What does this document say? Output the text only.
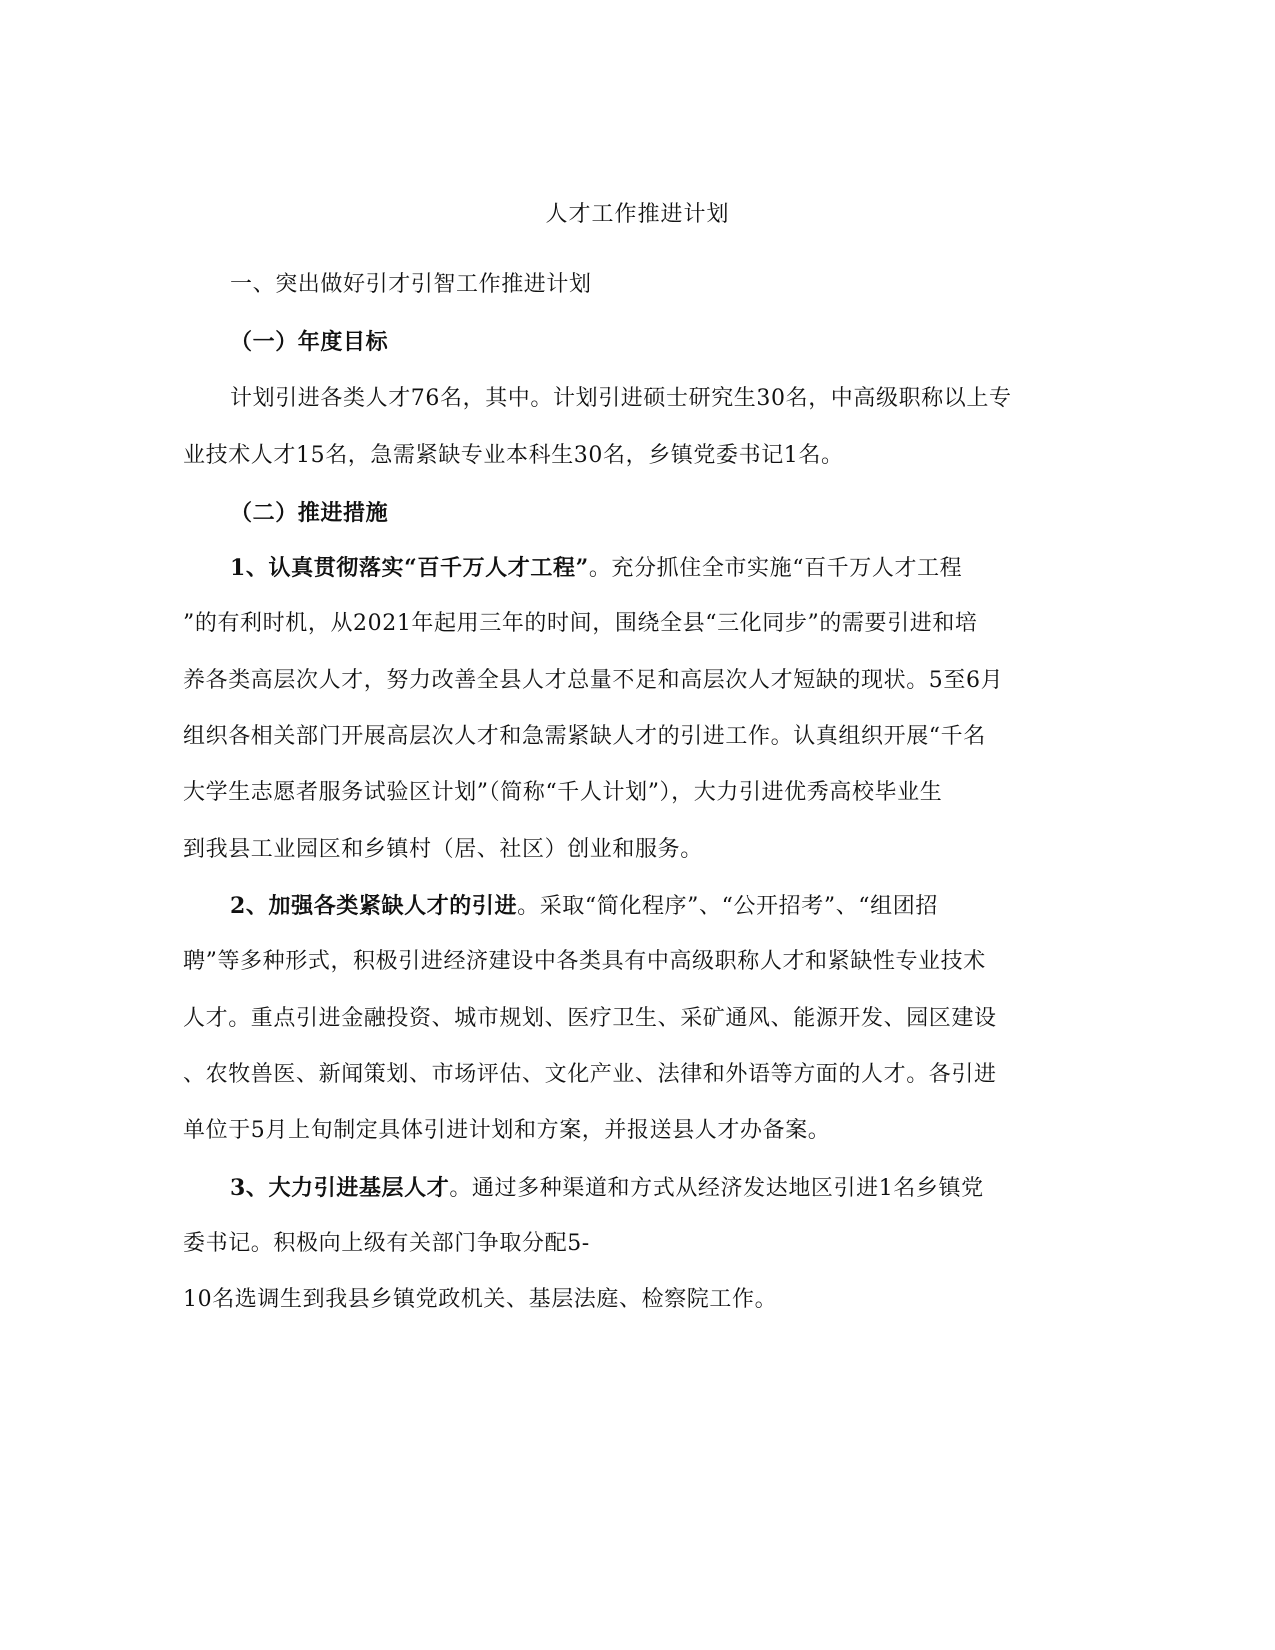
人才工作推进计划
一、突出做好引才引智工作推进计划
（一）年度目标
计划引进各类人才76名，其中。计划引进硕士研究生30名，中高级职称以上专
业技术人才15名，急需紧缺专业本科生30名，乡镇党委书记1名。
（二）推进措施
1、认真贯彻落实“百千万人才工程”。充分抓住全市实施“百千万人才工程
”的有利时机，从2021年起用三年的时间，围绕全县“三化同步”的需要引进和培
养各类高层次人才，努力改善全县人才总量不足和高层次人才短缺的现状。5至6月
组织各相关部门开展高层次人才和急需紧缺人才的引进工作。认真组织开展“千名
大学生志愿者服务试验区计划”（简称“千人计划”），大力引进优秀高校毕业生
到我县工业园区和乡镇村（居、社区）创业和服务。
2、加强各类紧缺人才的引进。采取“简化程序”、“公开招考”、“组团招
聘”等多种形式，积极引进经济建设中各类具有中高级职称人才和紧缺性专业技术
人才。重点引进金融投资、城市规划、医疗卫生、采矿通风、能源开发、园区建设
、农牧兽医、新闻策划、市场评估、文化产业、法律和外语等方面的人才。各引进
单位于5月上旬制定具体引进计划和方案，并报送县人才办备案。
3、大力引进基层人才。通过多种渠道和方式从经济发达地区引进1名乡镇党
委书记。积极向上级有关部门争取分配5-
10名选调生到我县乡镇党政机关、基层法庭、检察院工作。
